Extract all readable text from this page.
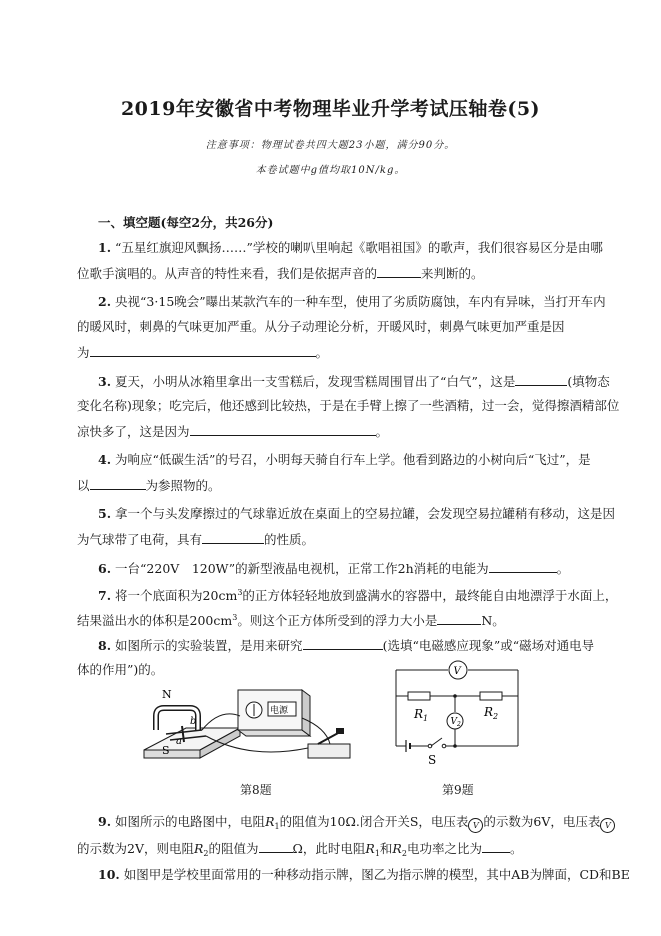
2019年安徽省中考物理毕业升学考试压轴卷(5)
注意事项：物理试卷共四大题23小题，满分90分。
本卷试题中g值均取10N/kg。
一、填空题(每空2分，共26分)
1. “五星红旗迎风飘扬……”学校的喇叭里响起《歌唱祖国》的歌声，我们很容易区分是由哪
位歌手演唱的。从声音的特性来看，我们是依据声音的	来判断的。
2. 央视“3·15晚会”曝出某款汽车的一种车型，使用了劣质防腐蚀，车内有异味，当打开车内
的暖风时，刺鼻的气味更加严重。从分子动理论分析，开暖风时，刺鼻气味更加严重是因
为	。
3. 夏天，小明从冰箱里拿出一支雪糕后，发现雪糕周围冒出了“白气”，这是	(填物态
变化名称)现象；吃完后，他还感到比较热，于是在手臂上擦了一些酒精，过一会，觉得擦酒精部位
凉快多了，这是因为	。
4. 为响应“低碳生活”的号召，小明每天骑自行车上学。他看到路边的小树向后“飞过”，是
以	为参照物的。
5. 拿一个与头发摩擦过的气球靠近放在桌面上的空易拉罐，会发现空易拉罐稍有移动，这是因
为气球带了电荷，具有	的性质。
6. 一台“220V　120W”的新型液晶电视机，正常工作2h消耗的电能为	。
7. 将一个底面积为$20cm^3$的正方体轻轻地放到盛满水的容器中，最终能自由地漂浮于水面上，
结果溢出水的体积是$200cm^3$。则这个正方体所受到的浮力大小是	N。
8. 如图所示的实验装置，是用来研究	(选填“电磁感应现象”或“磁场对通电导
体的作用”)的。
N
S
b
a
电源
第8题
V
$R_1$	$R_2$
$V_2$
S
第9题
9. 如图所示的电路图中，电阻$R_1$的阻值为10Ω.闭合开关S，电压表 V 的示数为6V，电压表 V
的示数为2V，则电阻$R_2$的阻值为	Ω，此时电阻$R_1$和$R_2$电功率之比为 。
10. 如图甲是学校里面常用的一种移动指示牌，图乙为指示牌的模型，其中AB为牌面，CD和BE
